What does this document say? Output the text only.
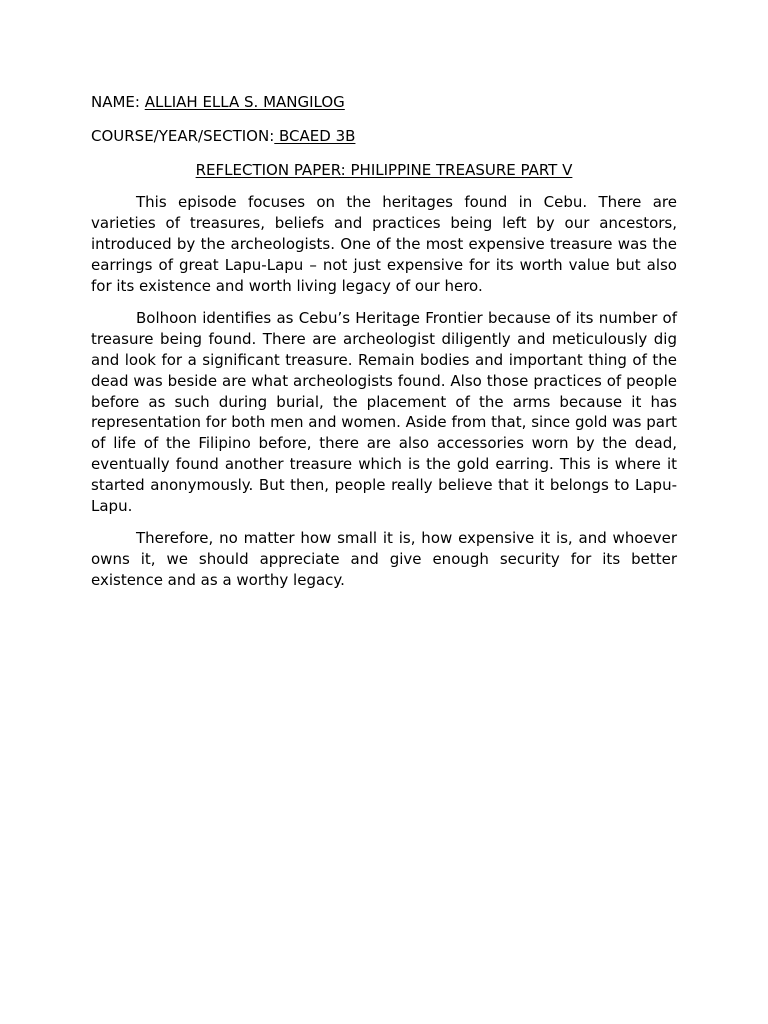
NAME: ALLIAH ELLA S. MANGILOG

COURSE/YEAR/SECTION: BCAED 3B

REFLECTION PAPER: PHILIPPINE TREASURE PART V

This episode focuses on the heritages found in Cebu. There are varieties of treasures, beliefs and practices being left by our ancestors, introduced by the archeologists. One of the most expensive treasure was the earrings of great Lapu-Lapu – not just expensive for its worth value but also for its existence and worth living legacy of our hero.

Bolhoon identifies as Cebu’s Heritage Frontier because of its number of treasure being found. There are archeologist diligently and meticulously dig and look for a significant treasure. Remain bodies and important thing of the dead was beside are what archeologists found. Also those practices of people before as such during burial, the placement of the arms because it has representation for both men and women. Aside from that, since gold was part of life of the Filipino before, there are also accessories worn by the dead, eventually found another treasure which is the gold earring. This is where it started anonymously. But then, people really believe that it belongs to Lapu-Lapu.

Therefore, no matter how small it is, how expensive it is, and whoever owns it, we should appreciate and give enough security for its better existence and as a worthy legacy.
